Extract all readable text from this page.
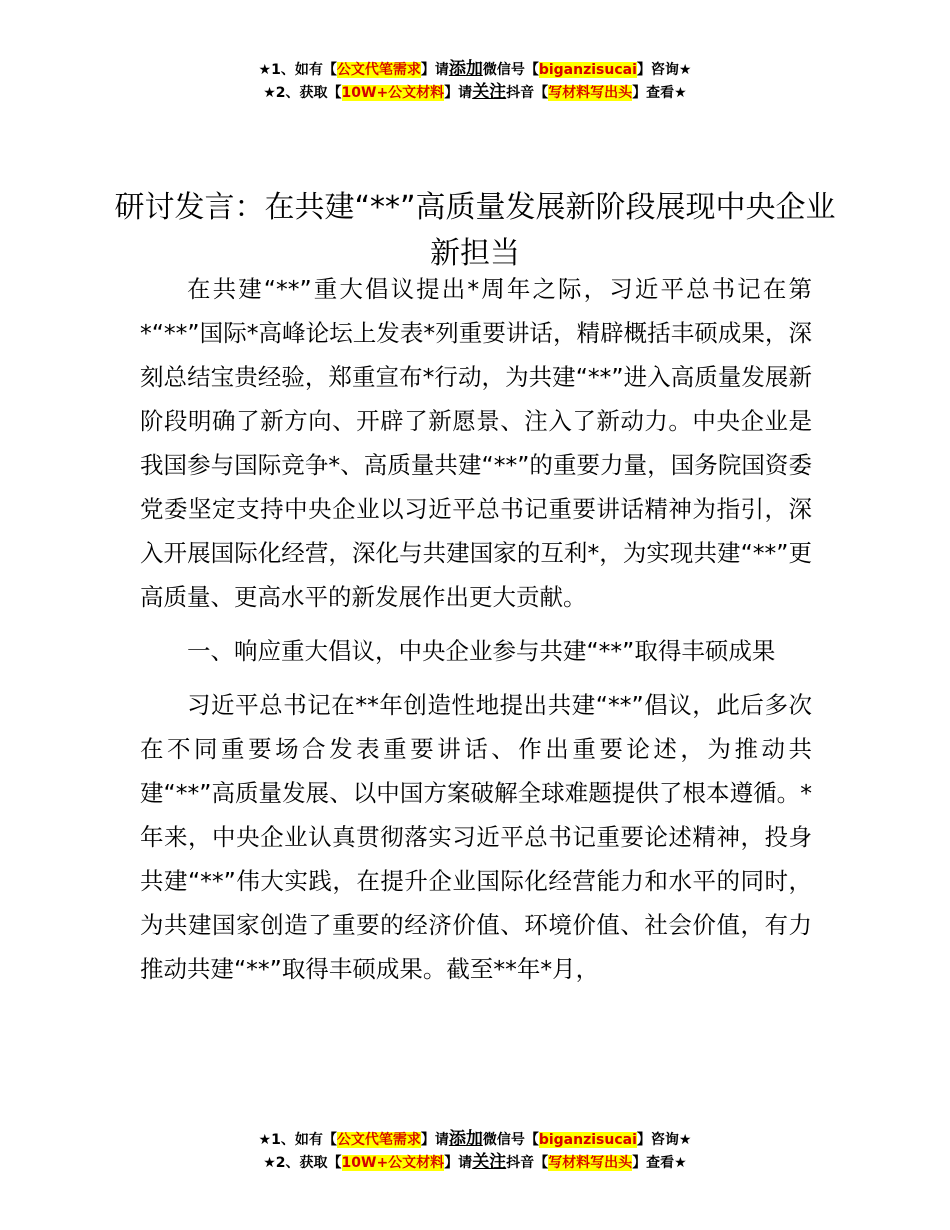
★1、如有【公文代笔需求】请添加微信号【biganzisucai】咨询★
★2、获取【10W+公文材料】请关注抖音【写材料写出头】查看★
研讨发言：在共建“**”高质量发展新阶段展现中央企业新担当

在共建“**”重大倡议提出*周年之际，习近平总书记在第*“**”国际*高峰论坛上发表*列重要讲话，精辟概括丰硕成果，深刻总结宝贵经验，郑重宣布*行动，为共建“**”进入高质量发展新阶段明确了新方向、开辟了新愿景、注入了新动力。中央企业是我国参与国际竞争*、高质量共建“**”的重要力量，国务院国资委党委坚定支持中央企业以习近平总书记重要讲话精神为指引，深入开展国际化经营，深化与共建国家的互利*，为实现共建“**”更高质量、更高水平的新发展作出更大贡献。

一、响应重大倡议，中央企业参与共建“**”取得丰硕成果

习近平总书记在**年创造性地提出共建“**”倡议，此后多次在不同重要场合发表重要讲话、作出重要论述，为推动共建“**”高质量发展、以中国方案破解全球难题提供了根本遵循。*年来，中央企业认真贯彻落实习近平总书记重要论述精神，投身共建“**”伟大实践，在提升企业国际化经营能力和水平的同时，为共建国家创造了重要的经济价值、环境价值、社会价值，有力推动共建“**”取得丰硕成果。截至**年*月，

★1、如有【公文代笔需求】请添加微信号【biganzisucai】咨询★
★2、获取【10W+公文材料】请关注抖音【写材料写出头】查看★
